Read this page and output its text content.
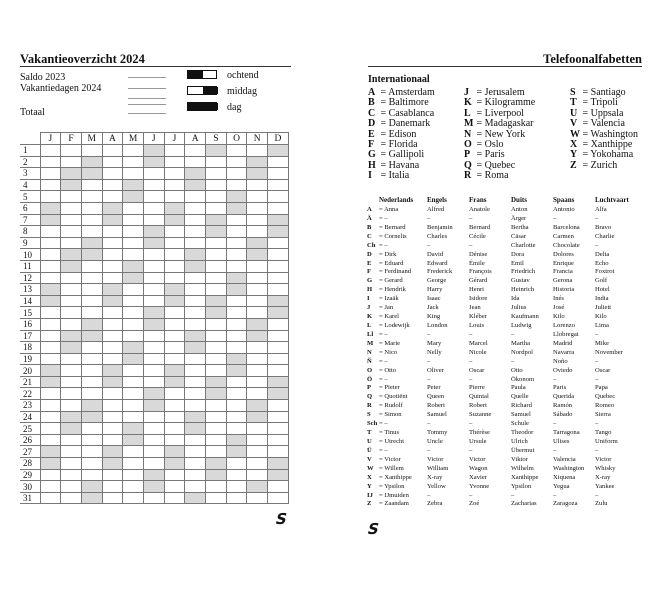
Vakantieoverzicht 2024
Saldo 2023
Vakantiedagen 2024
Totaal
ochtend
middag
dag
	J	F	M	A	M	J	J	A	S	O	N	D
1												
2												
3												
4												
5												
6												
7												
8												
9												
10												
11												
12												
13												
14												
15												
16												
17												
18												
19												
20												
21												
22												
23												
24												
25												
26												
27												
28												
29												
30												
31												
S
Telefoonalfabetten
Internationaal
A = Amsterdam
B = Baltimore
C = Casablanca
D = Danemark
E = Edison
F = Florida
G = Gallipoli
H = Havana
I = Italia
J = Jerusalem
K = Kilogramme
L = Liverpool
M = Madagaskar
N = New York
O = Oslo
P = Paris
Q = Quebec
R = Roma
S = Santiago
T = Tripoli
U = Uppsala
V = Valencia
W = Washington
X = Xanthippe
Y = Yokohama
Z = Zurich
	Nederlands	Engels	Frans	Duits	Spaans	Luchtvaart
A	= Anna	Alfred	Anatole	Anton	Antonio	Alfa
Ä	= –	–	–	Ärger	–	–
B	= Bernard	Benjamin	Bernard	Bertha	Barcelona	Bravo
C	= Cornelis	Charles	Cécile	Cäsar	Carmen	Charlie
Ch	= –	–	–	Charlotte	Chocolate	–
D	= Dirk	David	Dénise	Dora	Dolores	Delta
E	= Eduard	Edward	Émile	Emil	Enrique	Echo
F	= Ferdinand	Frederick	François	Friedrich	Francia	Foxtrot
G	= Gerard	George	Gérard	Gustav	Gerona	Golf
H	= Hendrik	Harry	Henri	Heinrich	Historia	Hotel
I	= Izaäk	Isaac	Isidore	Ida	Inés	India
J	= Jan	Jack	Jean	Julius	José	Juliett
K	= Karel	King	Kléber	Kaufmann	Kilo	Kilo
L	= Lodewijk	London	Louis	Ludwig	Lorenzo	Lima
Ll	= –	–	–	–	Llobregat	–
M	= Marie	Mary	Marcel	Martha	Madrid	Mike
N	= Nico	Nelly	Nicole	Nordpol	Navarra	November
Ñ	= –	–	–	–	Noño	–
O	= Otto	Oliver	Oscar	Otto	Oviedo	Oscar
Ö	= –	–	–	Ökonom	–	–
P	= Pieter	Peter	Pierre	Paula	Paris	Papa
Q	= Quotiënt	Queen	Quintal	Quelle	Querida	Quebec
R	= Rudolf	Robert	Robert	Richard	Ramón	Romeo
S	= Simon	Samuel	Suzanne	Samuel	Sábado	Sierra
Sch	= –	–	–	Schule	–	–
T	= Tinus	Tommy	Thérèse	Theodor	Tarragona	Tango
U	= Utrecht	Uncle	Ursule	Ulrich	Ulises	Uniform
Ü	= –	–	–	Übermut	–	–
V	= Victor	Victor	Victor	Viktor	Valencia	Victor
W	= Willem	William	Wagon	Wilhelm	Washington	Whisky
X	= Xanthippe	X-ray	Xavier	Xanthippe	Xiquena	X-ray
Y	= Ypsilon	Yellow	Yvonne	Ypsilon	Yegua	Yankee
IJ	= IJmuiden	–	–	–	–	–
Z	= Zaandam	Zebra	Zoé	Zacharias	Zaragoza	Zulu
S
